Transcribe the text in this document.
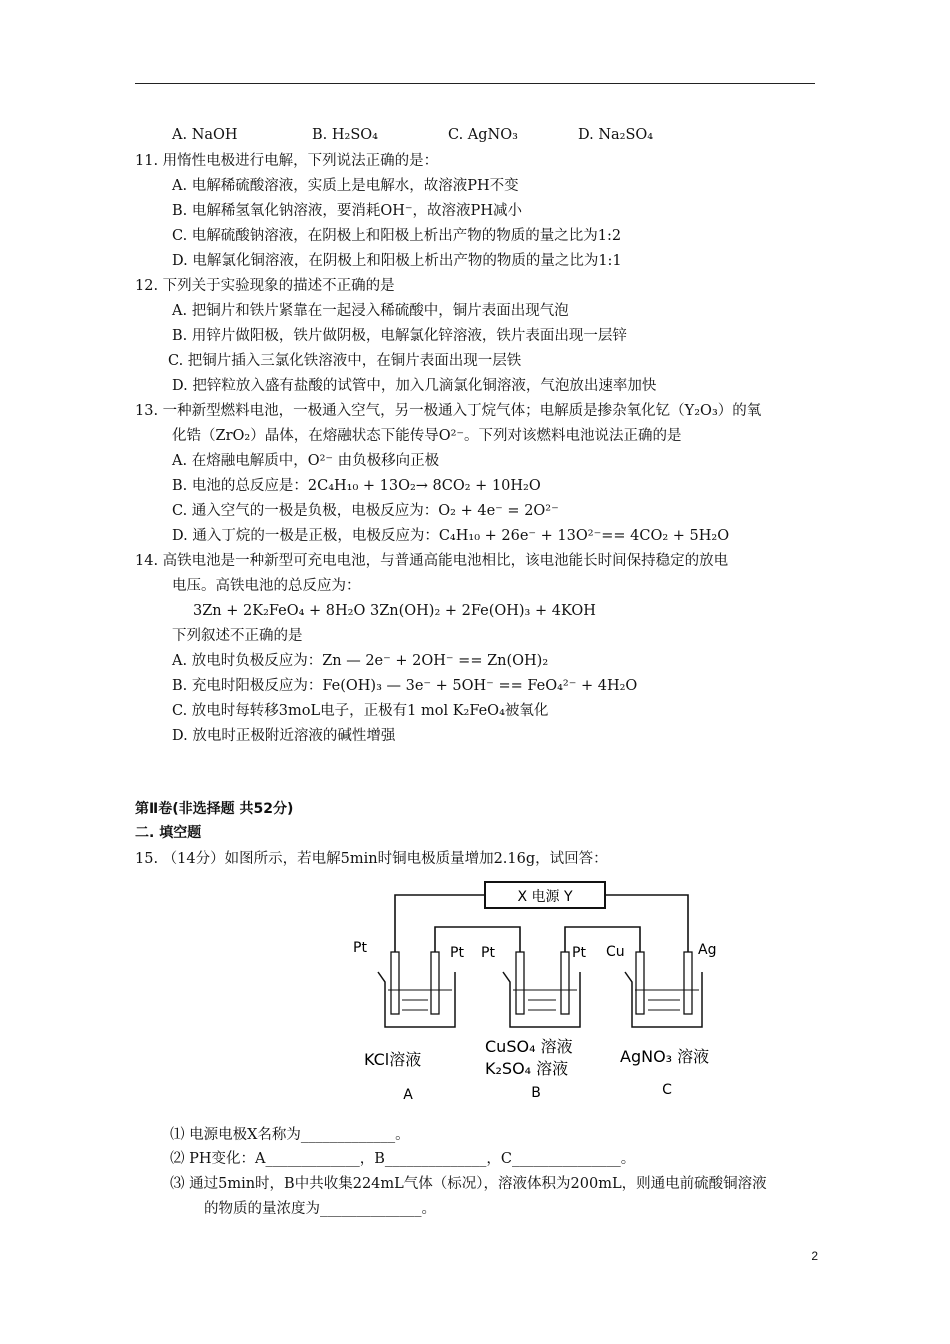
A. NaOH	B. H₂SO₄	C. AgNO₃	D. Na₂SO₄
11. 用惰性电极进行电解，下列说法正确的是：
A. 电解稀硫酸溶液，实质上是电解水，故溶液PH不变
B. 电解稀氢氧化钠溶液，要消耗OH⁻，故溶液PH减小
C. 电解硫酸钠溶液，在阴极上和阳极上析出产物的物质的量之比为1:2
D. 电解氯化铜溶液，在阴极上和阳极上析出产物的物质的量之比为1:1
12. 下列关于实验现象的描述不正确的是
A. 把铜片和铁片紧靠在一起浸入稀硫酸中，铜片表面出现气泡
B. 用锌片做阳极，铁片做阴极，电解氯化锌溶液，铁片表面出现一层锌
C. 把铜片插入三氯化铁溶液中，在铜片表面出现一层铁
D. 把锌粒放入盛有盐酸的试管中，加入几滴氯化铜溶液，气泡放出速率加快
13. 一种新型燃料电池，一极通入空气，另一极通入丁烷气体；电解质是掺杂氧化钇（Y₂O₃）的氧
化锆（ZrO₂）晶体，在熔融状态下能传导O²⁻。下列对该燃料电池说法正确的是
A. 在熔融电解质中，O²⁻ 由负极移向正极
B. 电池的总反应是：2C₄H₁₀ + 13O₂→ 8CO₂ + 10H₂O
C. 通入空气的一极是负极，电极反应为：O₂ + 4e⁻ = 2O²⁻
D. 通入丁烷的一极是正极，电极反应为：C₄H₁₀ + 26e⁻ + 13O²⁻== 4CO₂ + 5H₂O
14. 高铁电池是一种新型可充电电池，与普通高能电池相比，该电池能长时间保持稳定的放电
电压。高铁电池的总反应为：
3Zn + 2K₂FeO₄ + 8H₂O 3Zn(OH)₂ + 2Fe(OH)₃ + 4KOH
下列叙述不正确的是
A. 放电时负极反应为：Zn — 2e⁻ + 2OH⁻ == Zn(OH)₂
B. 充电时阳极反应为：Fe(OH)₃ — 3e⁻ + 5OH⁻ == FeO₄²⁻ + 4H₂O
C. 放电时每转移3moL电子，正极有1 mol K₂FeO₄被氧化
D. 放电时正极附近溶液的碱性增强
第Ⅱ卷(非选择题 共52分)
二. 填空题
15. （14分）如图所示，若电解5min时铜电极质量增加2.16g，试回答：
X 电源 Y
Pt	Pt Pt	Pt Cu	Ag
KCl溶液
CuSO₄ 溶液
K₂SO₄ 溶液
AgNO₃ 溶液
A	B	C
⑴ 电源电极X名称为_____________。
⑵ PH变化：A_____________，B______________，C_______________。
⑶ 通过5min时，B中共收集224mL气体（标况），溶液体积为200mL，则通电前硫酸铜溶液
的物质的量浓度为______________。
2
